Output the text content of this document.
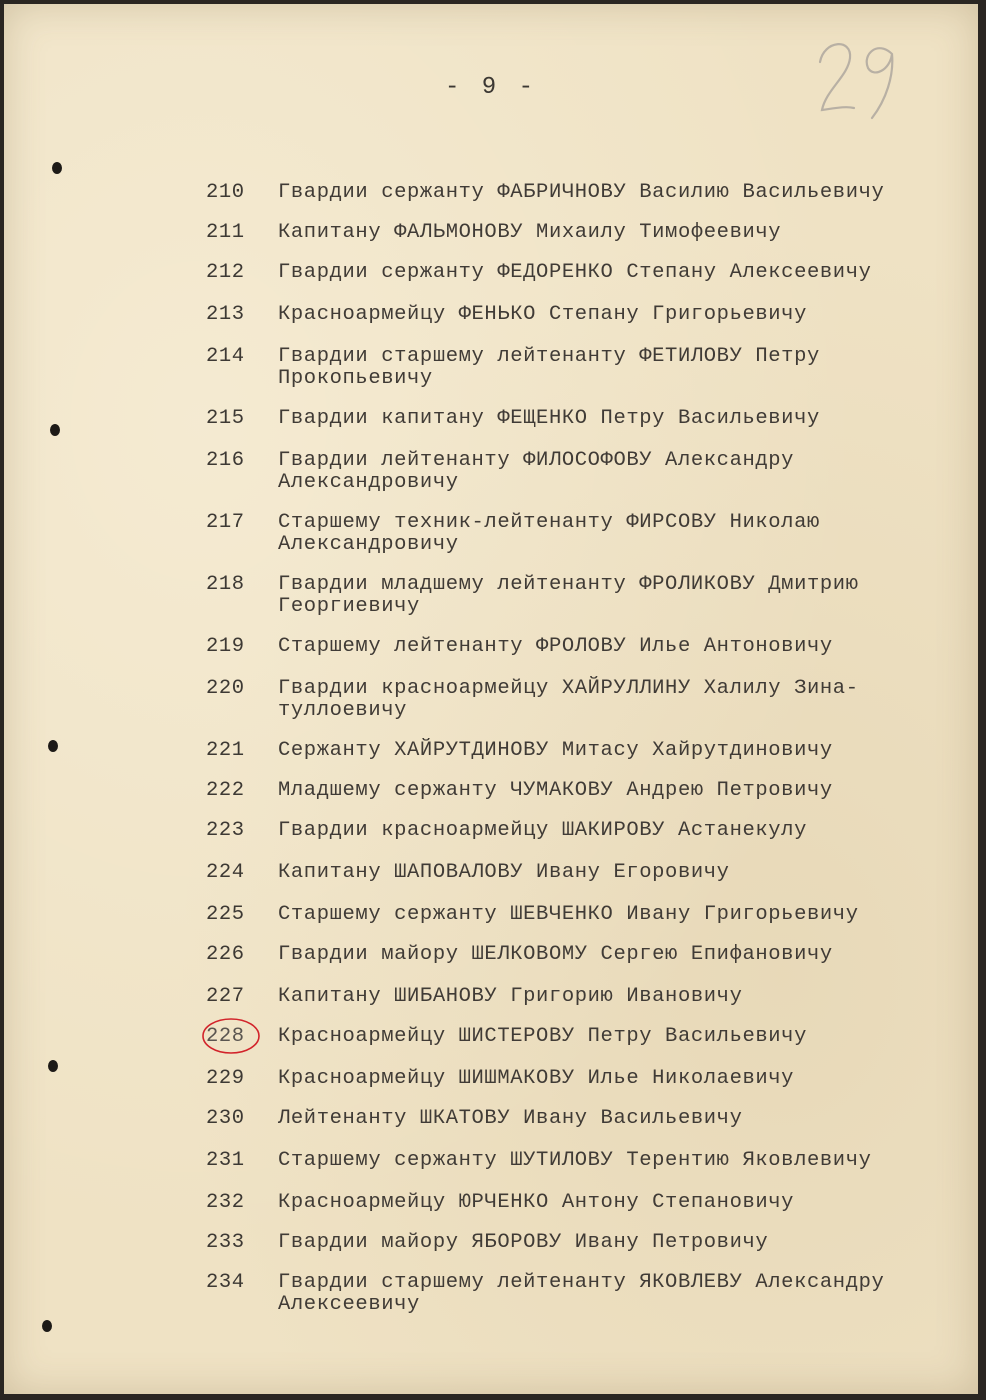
- 9 -
210	Гвардии сержанту ФАБРИЧНОВУ Василию Васильевичу
211	Капитану ФАЛЬМОНОВУ Михаилу Тимофеевичу
212	Гвардии сержанту ФЕДОРЕНКО Степану Алексеевичу
213	Красноармейцу ФЕНЬКО Степану Григорьевичу
214	Гвардии старшему лейтенанту ФЕТИЛОВУ Петру
Прокопьевичу
215	Гвардии капитану ФЕЩЕНКО Петру Васильевичу
216	Гвардии лейтенанту ФИЛОСОФОВУ Александру
Александровичу
217	Старшему техник-лейтенанту ФИРСОВУ Николаю
Александровичу
218	Гвардии младшему лейтенанту ФРОЛИКОВУ Дмитрию
Георгиевичу
219	Старшему лейтенанту ФРОЛОВУ Илье Антоновичу
220	Гвардии красноармейцу ХАЙРУЛЛИНУ Халилу Зина-
туллоевичу
221	Сержанту ХАЙРУТДИНОВУ Митасу Хайрутдиновичу
222	Младшему сержанту ЧУМАКОВУ Андрею Петровичу
223	Гвардии красноармейцу ШАКИРОВУ Астанекулу
224	Капитану ШАПОВАЛОВУ Ивану Егоровичу
225	Старшему сержанту ШЕВЧЕНКО Ивану Григорьевичу
226	Гвардии майору ШЕЛКОВОМУ Сергею Епифановичу
227	Капитану ШИБАНОВУ Григорию Ивановичу
228	Красноармейцу ШИСТЕРОВУ Петру Васильевичу
229	Красноармейцу ШИШМАКОВУ Илье Николаевичу
230	Лейтенанту ШКАТОВУ Ивану Васильевичу
231	Старшему сержанту ШУТИЛОВУ Терентию Яковлевичу
232	Красноармейцу ЮРЧЕНКО Антону Степановичу
233	Гвардии майору ЯБОРОВУ Ивану Петровичу
234	Гвардии старшему лейтенанту ЯКОВЛЕВУ Александру
Алексеевичу
